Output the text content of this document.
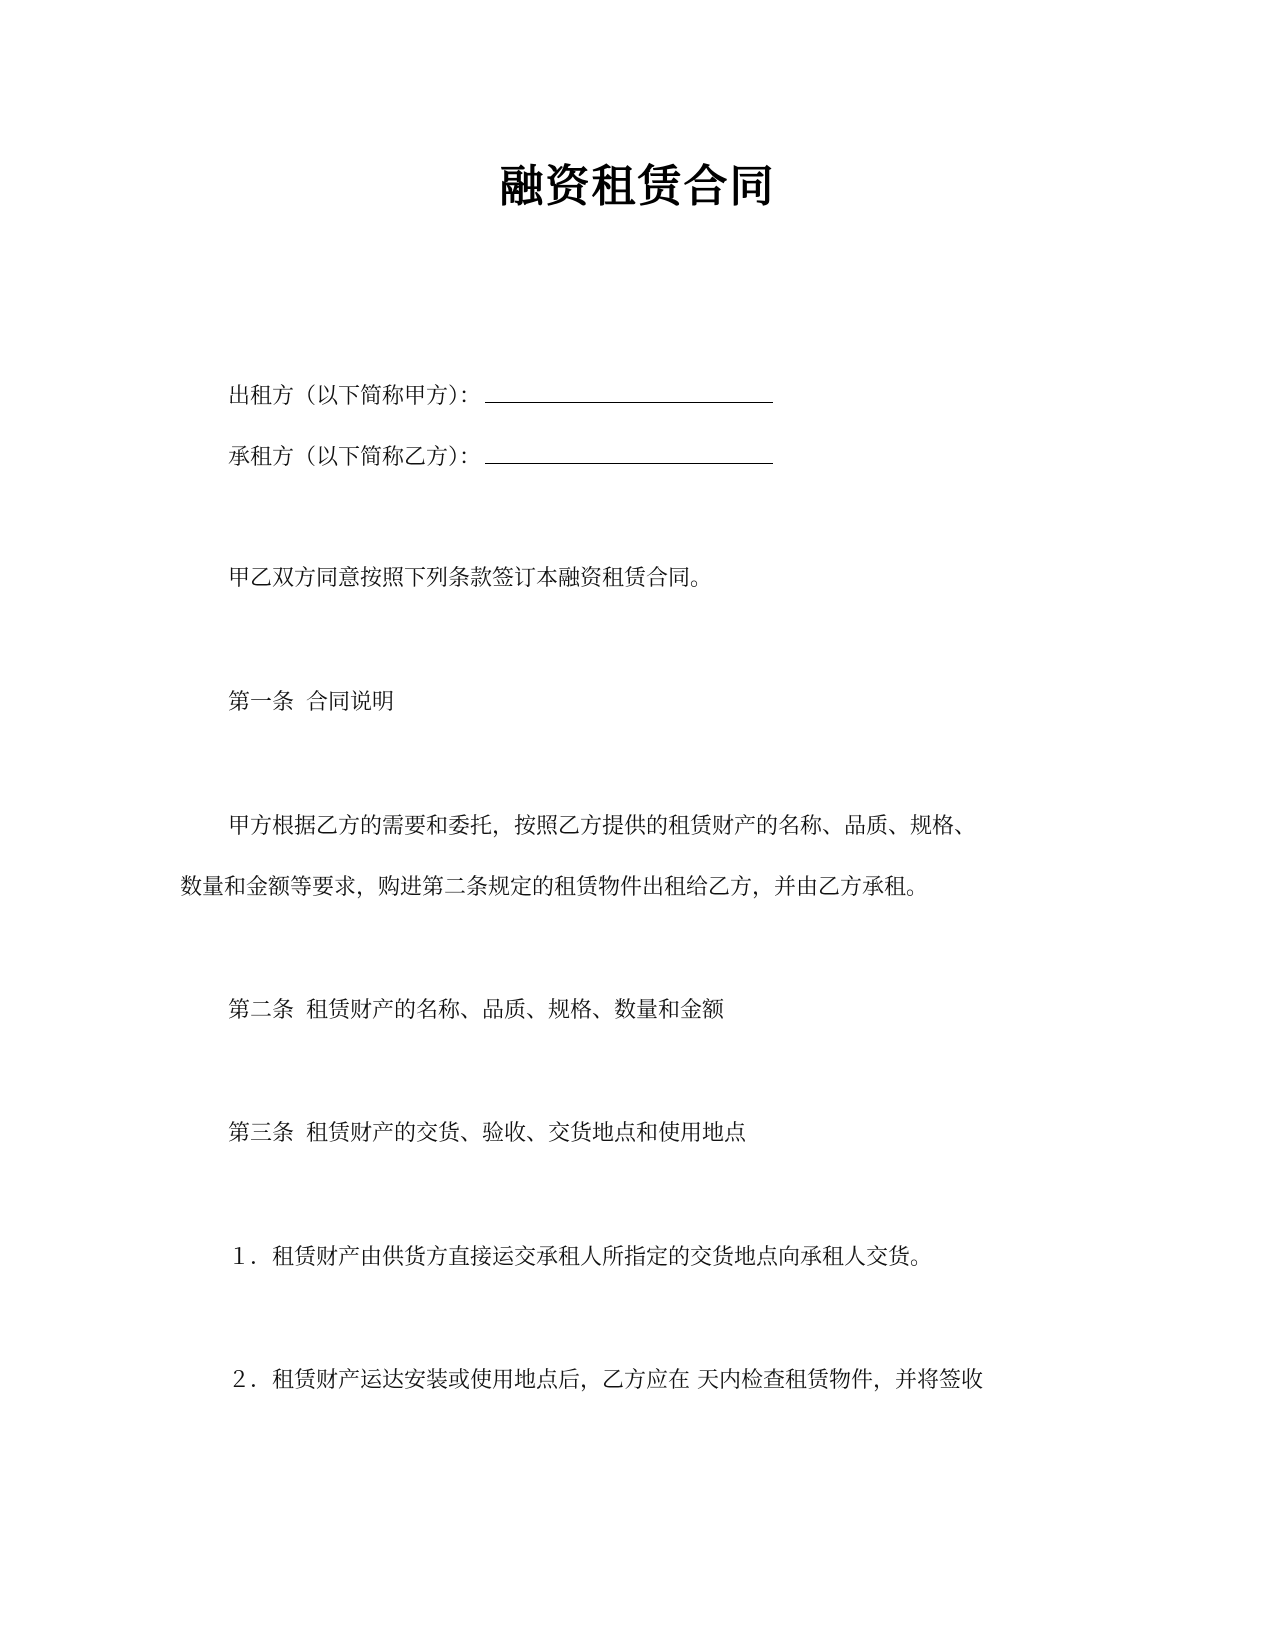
融资租赁合同

出租方（以下简称甲方）：

承租方（以下简称乙方）：

甲乙双方同意按照下列条款签订本融资租赁合同。

第一条 合同说明

甲方根据乙方的需要和委托，按照乙方提供的租赁财产的名称、品质、规格、

数量和金额等要求，购进第二条规定的租赁物件出租给乙方，并由乙方承租。

第二条 租赁财产的名称、品质、规格、数量和金额

第三条 租赁财产的交货、验收、交货地点和使用地点

１．租赁财产由供货方直接运交承租人所指定的交货地点向承租人交货。

２．租赁财产运达安装或使用地点后，乙方应在 天内检查租赁物件，并将签收
